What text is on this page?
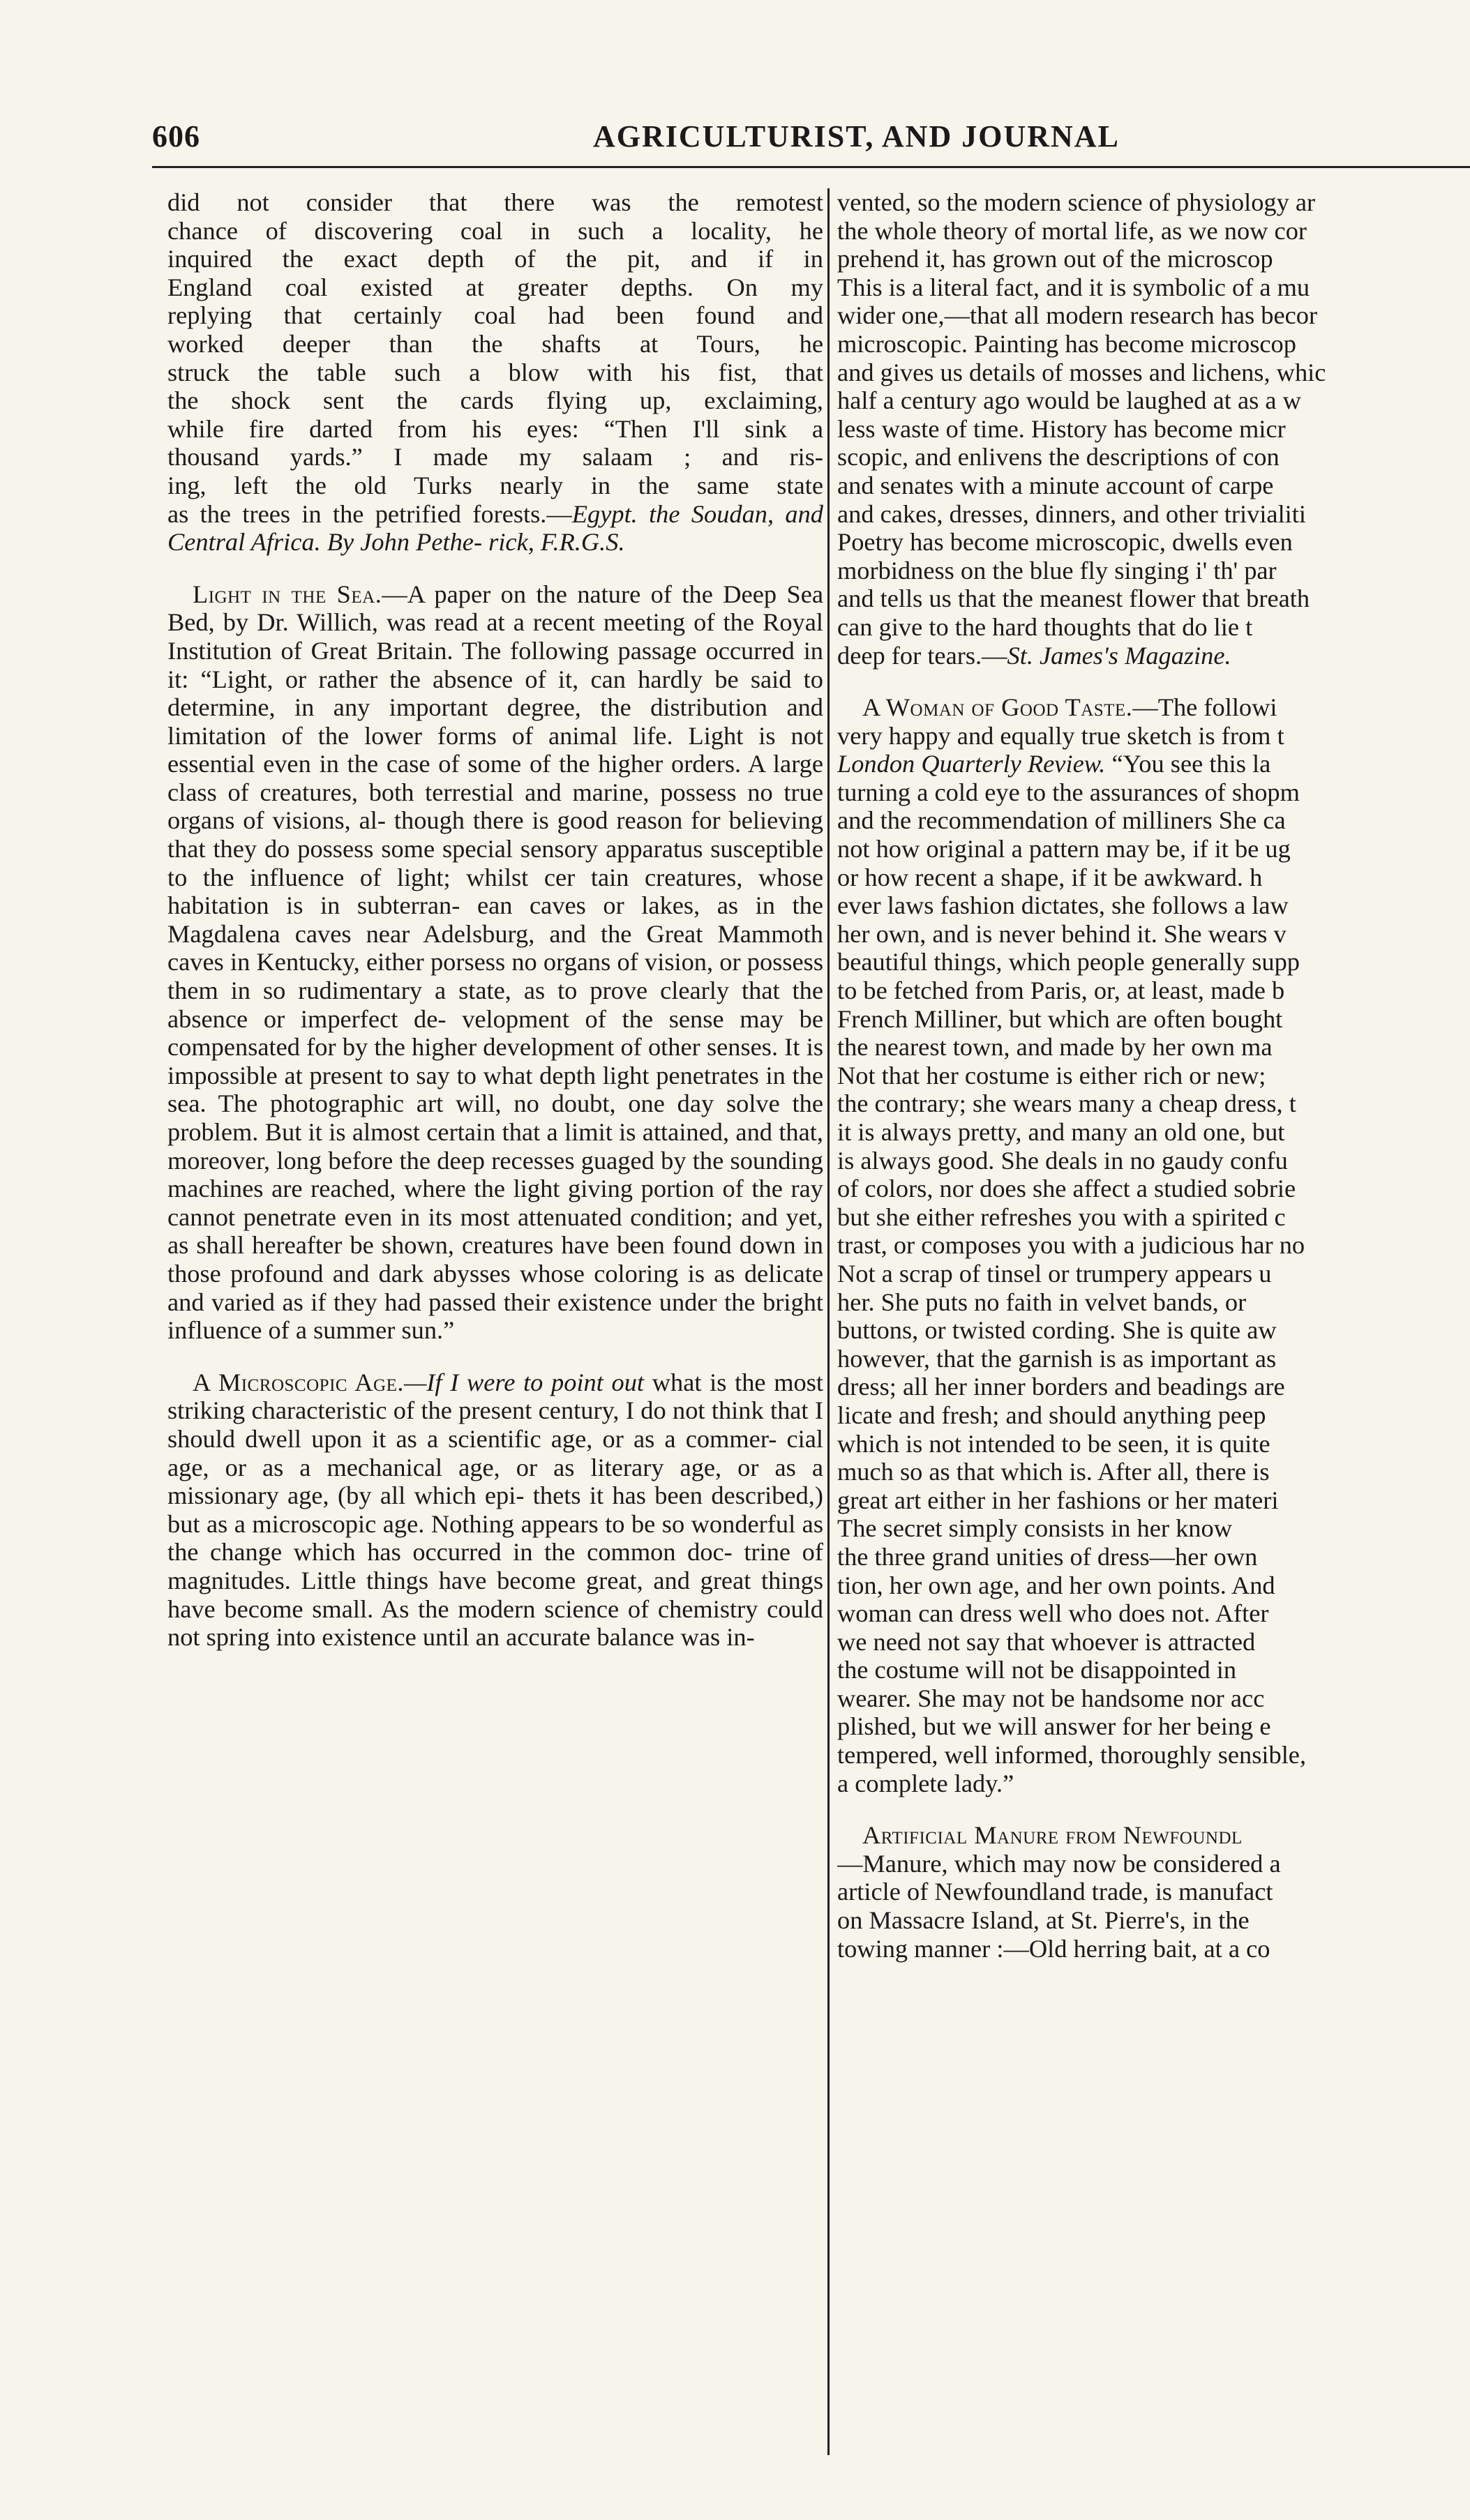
606	AGRICULTURIST, AND JOURNAL

did not consider that there was the remotest

chance of discovering coal in such a locality, he

inquired the exact depth of the pit, and if in

England coal existed at greater depths. On my

replying that certainly coal had been found and

worked deeper than the shafts at Tours, he

struck the table such a blow with his fist, that

the shock sent the cards flying up, exclaiming,

while fire darted from his eyes: “Then I'll sink a

thousand yards.” I made my salaam ; and ris-

ing, left the old Turks nearly in the same state

as the trees in the petrified forests.—Egypt. the Soudan, and Central Africa. By John Pethe- rick, F.R.G.S.

Light in the Sea.—A paper on the nature of the Deep Sea Bed, by Dr. Willich, was read at a recent meeting of the Royal Institution of Great Britain. The following passage occurred in it: “Light, or rather the absence of it, can hardly be said to determine, in any important degree, the distribution and limitation of the lower forms of animal life. Light is not essential even in the case of some of the higher orders. A large class of creatures, both terrestial and marine, possess no true organs of visions, al- though there is good reason for believing that they do possess some special sensory apparatus susceptible to the influence of light; whilst cer tain creatures, whose habitation is in subterran- ean caves or lakes, as in the Magdalena caves near Adelsburg, and the Great Mammoth caves in Kentucky, either porsess no organs of vision, or possess them in so rudimentary a state, as to prove clearly that the absence or imperfect de- velopment of the sense may be compensated for by the higher development of other senses. It is impossible at present to say to what depth light penetrates in the sea. The photographic art will, no doubt, one day solve the problem. But it is almost certain that a limit is attained, and that, moreover, long before the deep recesses guaged by the sounding machines are reached, where the light giving portion of the ray cannot penetrate even in its most attenuated condition; and yet, as shall hereafter be shown, creatures have been found down in those profound and dark abysses whose coloring is as delicate and varied as if they had passed their existence under the bright influence of a summer sun.”

A Microscopic Age.—If I were to point out what is the most striking characteristic of the present century, I do not think that I should dwell upon it as a scientific age, or as a commer- cial age, or as a mechanical age, or as literary age, or as a missionary age, (by all which epi- thets it has been described,) but as a microscopic age. Nothing appears to be so wonderful as the change which has occurred in the common doc- trine of magnitudes. Little things have become great, and great things have become small. As the modern science of chemistry could not spring into existence until an accurate balance was in-

vented, so the modern science of physiology ar

the whole theory of mortal life, as we now cor

prehend it, has grown out of the microscop

This is a literal fact, and it is symbolic of a mu

wider one,—that all modern research has becor

microscopic. Painting has become microscop

and gives us details of mosses and lichens, whic

half a century ago would be laughed at as a w

less waste of time. History has become micr

scopic, and enlivens the descriptions of con

and senates with a minute account of carpe

and cakes, dresses, dinners, and other trivialiti

Poetry has become microscopic, dwells even

morbidness on the blue fly singing i' th' par

and tells us that the meanest flower that breath

can give to the hard thoughts that do lie t

deep for tears.—St. James's Magazine.

A Woman of Good Taste.—The followi

very happy and equally true sketch is from t

London Quarterly Review. “You see this la

turning a cold eye to the assurances of shopm

and the recommendation of milliners She ca

not how original a pattern may be, if it be ug

or how recent a shape, if it be awkward. h

ever laws fashion dictates, she follows a law

her own, and is never behind it. She wears v

beautiful things, which people generally supp

to be fetched from Paris, or, at least, made b

French Milliner, but which are often bought

the nearest town, and made by her own ma

Not that her costume is either rich or new;

the contrary; she wears many a cheap dress, t

it is always pretty, and many an old one, but

is always good. She deals in no gaudy confu

of colors, nor does she affect a studied sobrie

but she either refreshes you with a spirited c

trast, or composes you with a judicious har no

Not a scrap of tinsel or trumpery appears u

her. She puts no faith in velvet bands, or

buttons, or twisted cording. She is quite aw

however, that the garnish is as important as

dress; all her inner borders and beadings are

licate and fresh; and should anything peep

which is not intended to be seen, it is quite

much so as that which is. After all, there is

great art either in her fashions or her materi

The secret simply consists in her know

the three grand unities of dress—her own

tion, her own age, and her own points. And

woman can dress well who does not. After

we need not say that whoever is attracted

the costume will not be disappointed in

wearer. She may not be handsome nor acc

plished, but we will answer for her being e

tempered, well informed, thoroughly sensible,

a complete lady.”

Artificial Manure from Newfoundl

—Manure, which may now be considered a

article of Newfoundland trade, is manufact

on Massacre Island, at St. Pierre's, in the

towing manner :—Old herring bait, at a co
